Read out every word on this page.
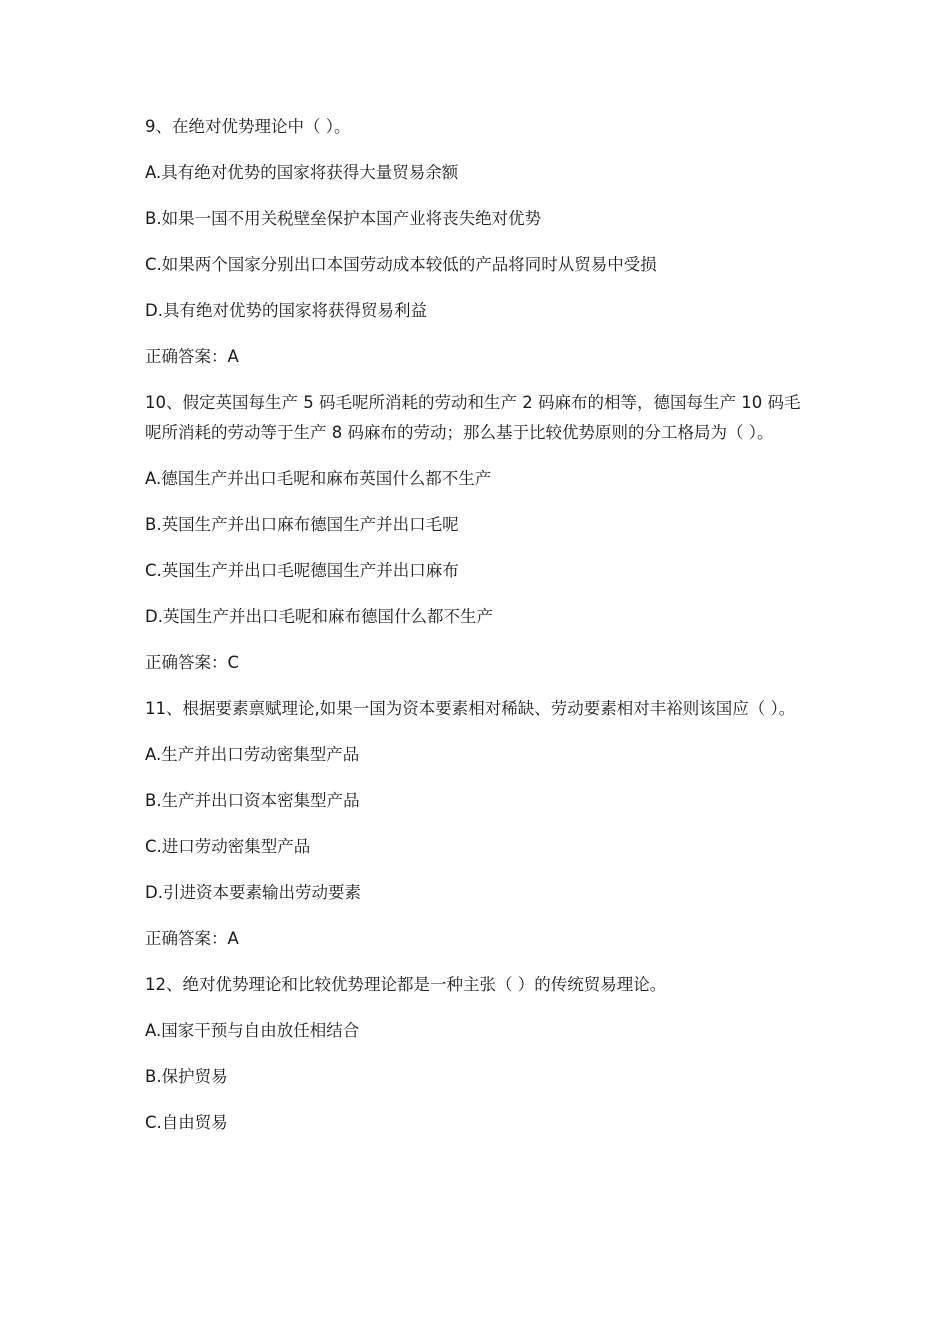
9、在绝对优势理论中（ ）。

A.具有绝对优势的国家将获得大量贸易余额

B.如果一国不用关税壁垒保护本国产业将丧失绝对优势

C.如果两个国家分别出口本国劳动成本较低的产品将同时从贸易中受损

D.具有绝对优势的国家将获得贸易利益

正确答案：A

10、假定英国每生产 5 码毛呢所消耗的劳动和生产 2 码麻布的相等，德国每生产 10 码毛呢所消耗的劳动等于生产 8 码麻布的劳动；那么基于比较优势原则的分工格局为（ ）。

A.德国生产并出口毛呢和麻布英国什么都不生产

B.英国生产并出口麻布德国生产并出口毛呢

C.英国生产并出口毛呢德国生产并出口麻布

D.英国生产并出口毛呢和麻布德国什么都不生产

正确答案：C

11、根据要素禀赋理论,如果一国为资本要素相对稀缺、劳动要素相对丰裕则该国应（ ）。

A.生产并出口劳动密集型产品

B.生产并出口资本密集型产品

C.进口劳动密集型产品

D.引进资本要素输出劳动要素

正确答案：A

12、绝对优势理论和比较优势理论都是一种主张（ ）的传统贸易理论。

A.国家干预与自由放任相结合

B.保护贸易

C.自由贸易
